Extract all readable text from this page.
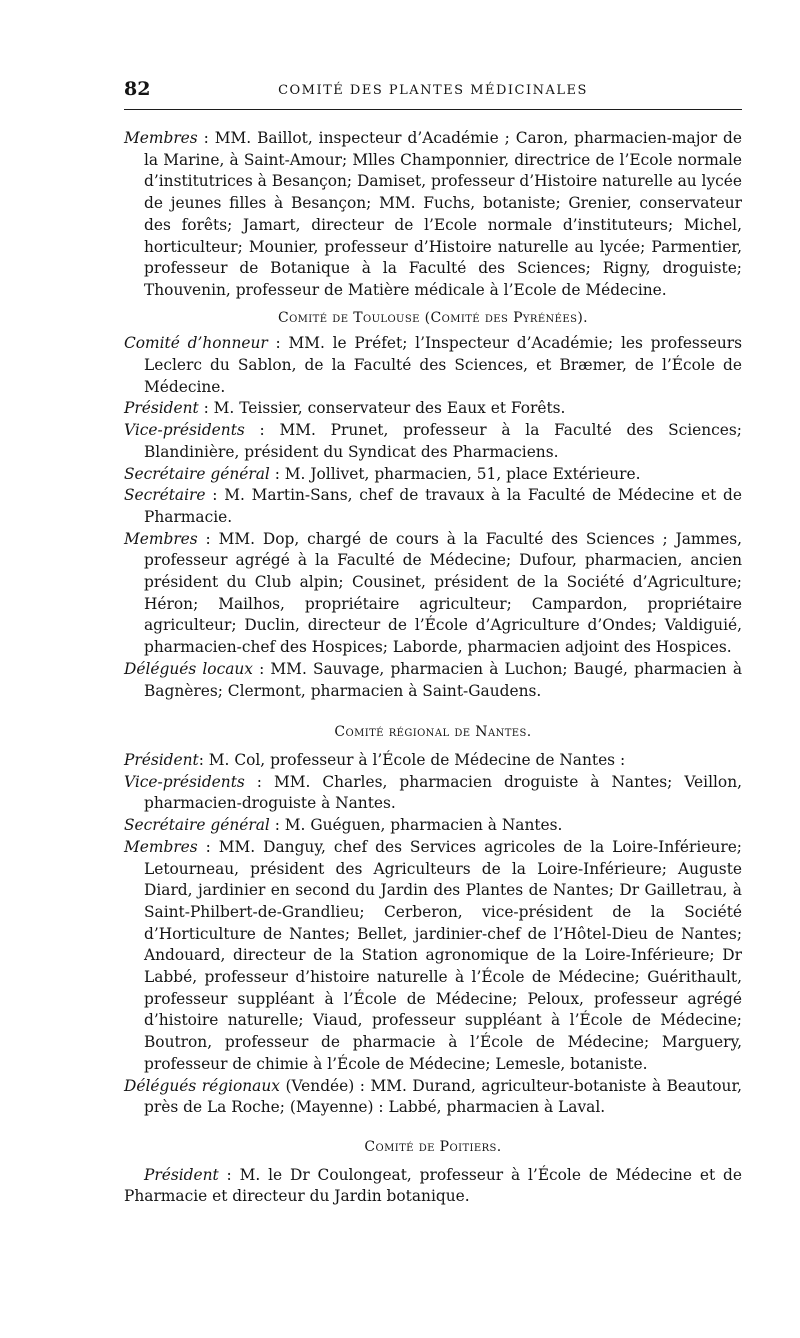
82	COMITÉ DES PLANTES MÉDICINALES

Membres : MM. Baillot, inspecteur d’Académie ; Caron, pharmacien-major de la Marine, à Saint-Amour; Mlles Champonnier, directrice de l’Ecole normale d’institutrices à Besançon; Damiset, professeur d’Histoire naturelle au lycée de jeunes filles à Besançon; MM. Fuchs, botaniste; Grenier, conservateur des forêts; Jamart, directeur de l’Ecole normale d’instituteurs; Michel, horticulteur; Mounier, professeur d’Histoire naturelle au lycée; Parmentier, professeur de Botanique à la Faculté des Sciences; Rigny, droguiste; Thouvenin, professeur de Matière médicale à l’Ecole de Médecine.

Comité de Toulouse (Comité des Pyrénées).

Comité d’honneur : MM. le Préfet; l’Inspecteur d’Académie; les professeurs Leclerc du Sablon, de la Faculté des Sciences, et Bræmer, de l’École de Médecine.

Président : M. Teissier, conservateur des Eaux et Forêts.

Vice-présidents : MM. Prunet, professeur à la Faculté des Sciences; Blandinière, président du Syndicat des Pharmaciens.

Secrétaire général : M. Jollivet, pharmacien, 51, place Extérieure.

Secrétaire : M. Martin-Sans, chef de travaux à la Faculté de Médecine et de Pharmacie.

Membres : MM. Dop, chargé de cours à la Faculté des Sciences ; Jammes, professeur agrégé à la Faculté de Médecine; Dufour, pharmacien, ancien président du Club alpin; Cousinet, président de la Société d’Agriculture; Héron; Mailhos, propriétaire agriculteur; Campardon, propriétaire agriculteur; Duclin, directeur de l’École d’Agriculture d’Ondes; Valdiguié, pharmacien-chef des Hospices; Laborde, pharmacien adjoint des Hospices.

Délégués locaux : MM. Sauvage, pharmacien à Luchon; Baugé, pharmacien à Bagnères; Clermont, pharmacien à Saint-Gaudens.

Comité régional de Nantes.

Président: M. Col, professeur à l’École de Médecine de Nantes :

Vice-présidents : MM. Charles, pharmacien droguiste à Nantes; Veillon, pharmacien-droguiste à Nantes.

Secrétaire général : M. Guéguen, pharmacien à Nantes.

Membres : MM. Danguy, chef des Services agricoles de la Loire-Inférieure; Letourneau, président des Agriculteurs de la Loire-Inférieure; Auguste Diard, jardinier en second du Jardin des Plantes de Nantes; Dr Gailletrau, à Saint-Philbert-de-Grandlieu; Cerberon, vice-président de la Société d’Horticulture de Nantes; Bellet, jardinier-chef de l’Hôtel-Dieu de Nantes; Andouard, directeur de la Station agronomique de la Loire-Inférieure; Dr Labbé, professeur d’histoire naturelle à l’École de Médecine; Guérithault, professeur suppléant à l’École de Médecine; Peloux, professeur agrégé d’histoire naturelle; Viaud, professeur suppléant à l’École de Médecine; Boutron, professeur de pharmacie à l’École de Médecine; Marguery, professeur de chimie à l’École de Médecine; Lemesle, botaniste.

Délégués régionaux (Vendée) : MM. Durand, agriculteur-botaniste à Beautour, près de La Roche; (Mayenne) : Labbé, pharmacien à Laval.

Comité de Poitiers.

Président : M. le Dr Coulongeat, professeur à l’École de Médecine et de Pharmacie et directeur du Jardin botanique.
